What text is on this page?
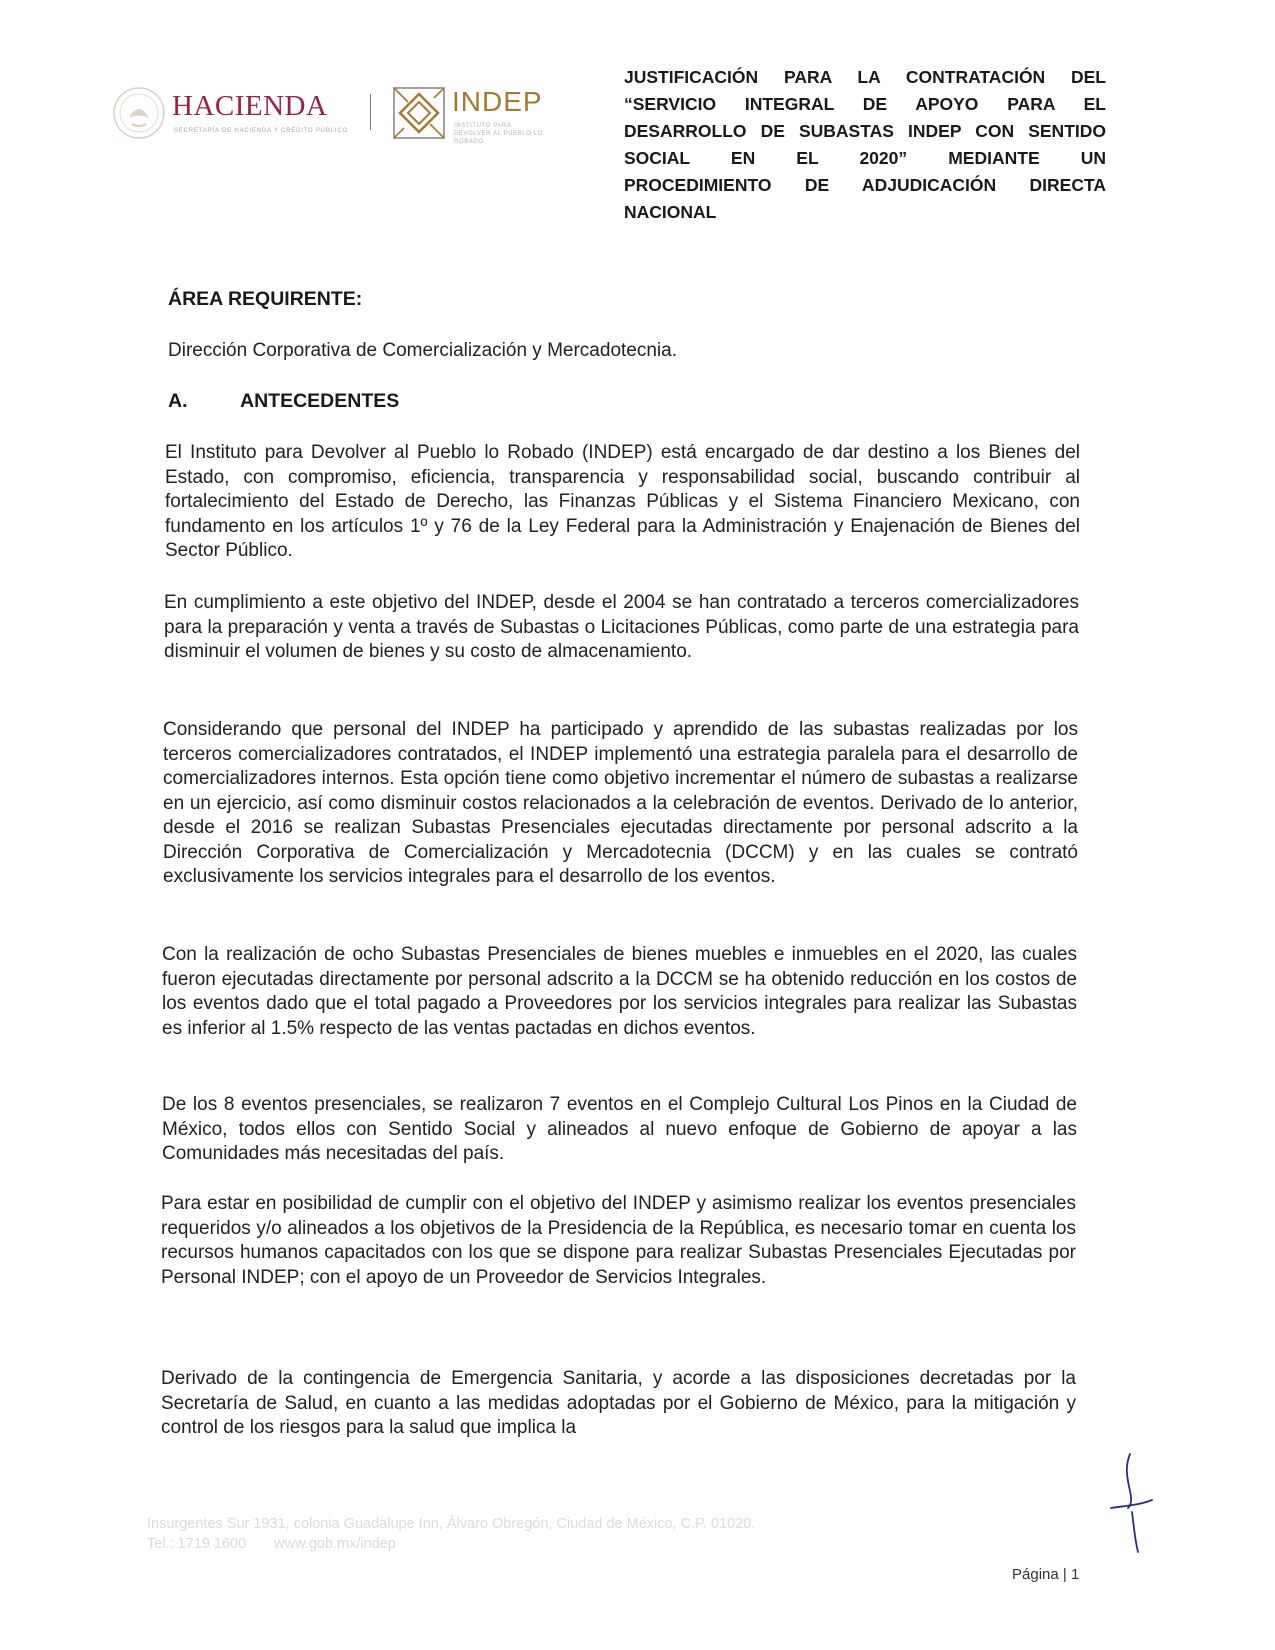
HACIENDA
SECRETARÍA DE HACIENDA Y CRÉDITO PÚBLICO
INDEP
INSTITUTO PARA DEVOLVER AL PUEBLO LO ROBADO
JUSTIFICACIÓN PARA LA CONTRATACIÓN DEL
“SERVICIO INTEGRAL DE APOYO PARA EL
DESARROLLO DE SUBASTAS INDEP CON SENTIDO
SOCIAL EN EL 2020” MEDIANTE UN
PROCEDIMIENTO DE ADJUDICACIÓN DIRECTA
NACIONAL
ÁREA REQUIRENTE:
Dirección Corporativa de Comercialización y Mercadotecnia.
A.	ANTECEDENTES

El Instituto para Devolver al Pueblo lo Robado (INDEP) está encargado de dar destino a los Bienes del Estado, con compromiso, eficiencia, transparencia y responsabilidad social, buscando contribuir al fortalecimiento del Estado de Derecho, las Finanzas Públicas y el Sistema Financiero Mexicano, con fundamento en los artículos 1º y 76 de la Ley Federal para la Administración y Enajenación de Bienes del Sector Público.

En cumplimiento a este objetivo del INDEP, desde el 2004 se han contratado a terceros comercializadores para la preparación y venta a través de Subastas o Licitaciones Públicas, como parte de una estrategia para disminuir el volumen de bienes y su costo de almacenamiento.

Considerando que personal del INDEP ha participado y aprendido de las subastas realizadas por los terceros comercializadores contratados, el INDEP implementó una estrategia paralela para el desarrollo de comercializadores internos. Esta opción tiene como objetivo incrementar el número de subastas a realizarse en un ejercicio, así como disminuir costos relacionados a la celebración de eventos. Derivado de lo anterior, desde el 2016 se realizan Subastas Presenciales ejecutadas directamente por personal adscrito a la Dirección Corporativa de Comercialización y Mercadotecnia (DCCM) y en las cuales se contrató exclusivamente los servicios integrales para el desarrollo de los eventos.

Con la realización de ocho Subastas Presenciales de bienes muebles e inmuebles en el 2020, las cuales fueron ejecutadas directamente por personal adscrito a la DCCM se ha obtenido reducción en los costos de los eventos dado que el total pagado a Proveedores por los servicios integrales para realizar las Subastas es inferior al 1.5% respecto de las ventas pactadas en dichos eventos.

De los 8 eventos presenciales, se realizaron 7 eventos en el Complejo Cultural Los Pinos en la Ciudad de México, todos ellos con Sentido Social y alineados al nuevo enfoque de Gobierno de apoyar a las Comunidades más necesitadas del país.

Para estar en posibilidad de cumplir con el objetivo del INDEP y asimismo realizar los eventos presenciales requeridos y/o alineados a los objetivos de la Presidencia de la República, es necesario tomar en cuenta los recursos humanos capacitados con los que se dispone para realizar Subastas Presenciales Ejecutadas por Personal INDEP; con el apoyo de un Proveedor de Servicios Integrales.

Derivado de la contingencia de Emergencia Sanitaria, y acorde a las disposiciones decretadas por la Secretaría de Salud, en cuanto a las medidas adoptadas por el Gobierno de México, para la mitigación y control de los riesgos para la salud que implica la

Insurgentes Sur 1931, colonia Guadalupe Inn, Álvaro Obregón, Ciudad de México, C.P. 01020.
Tel.: 1719 1600 www.gob.mx/indep
Página | 1
